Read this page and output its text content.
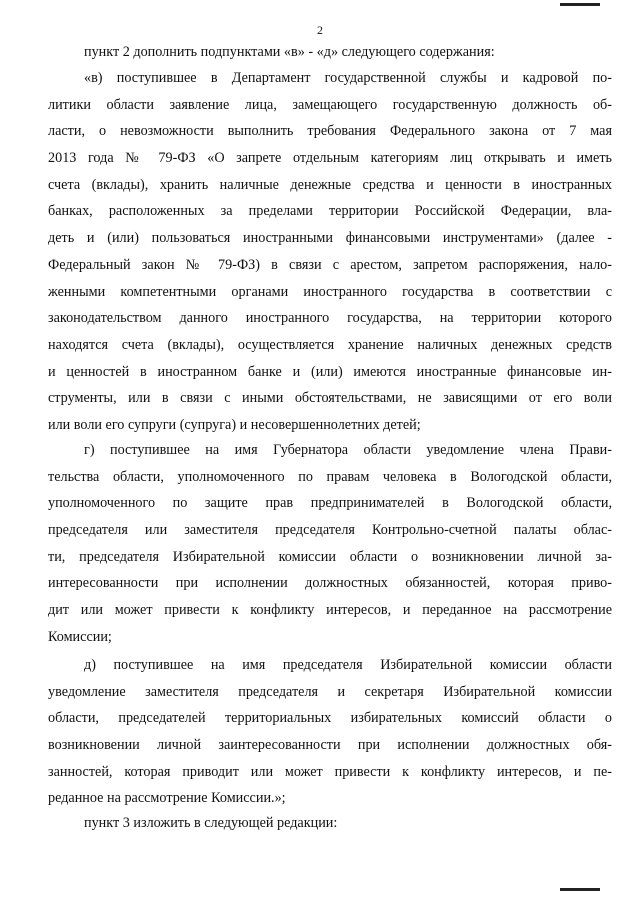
2
пункт 2 дополнить подпунктами «в» - «д» следующего содержания:
«в) поступившее в Департамент государственной службы и кадровой по-
литики области заявление лица, замещающего государственную должность об-
ласти, о невозможности выполнить требования Федерального закона от 7 мая
2013 года № 79-ФЗ «О запрете отдельным категориям лиц открывать и иметь
счета (вклады), хранить наличные денежные средства и ценности в иностранных
банках, расположенных за пределами территории Российской Федерации, вла-
деть и (или) пользоваться иностранными финансовыми инструментами» (далее -
Федеральный закон № 79-ФЗ) в связи с арестом, запретом распоряжения, нало-
женными компетентными органами иностранного государства в соответствии с
законодательством данного иностранного государства, на территории которого
находятся счета (вклады), осуществляется хранение наличных денежных средств
и ценностей в иностранном банке и (или) имеются иностранные финансовые ин-
струменты, или в связи с иными обстоятельствами, не зависящими от его воли
или воли его супруги (супруга) и несовершеннолетних детей;
г) поступившее на имя Губернатора области уведомление члена Прави-
тельства области, уполномоченного по правам человека в Вологодской области,
уполномоченного по защите прав предпринимателей в Вологодской области,
председателя или заместителя председателя Контрольно-счетной палаты облас-
ти, председателя Избирательной комиссии области о возникновении личной за-
интересованности при исполнении должностных обязанностей, которая приво-
дит или может привести к конфликту интересов, и переданное на рассмотрение
Комиссии;
д) поступившее на имя председателя Избирательной комиссии области
уведомление заместителя председателя и секретаря Избирательной комиссии
области, председателей территориальных избирательных комиссий области о
возникновении личной заинтересованности при исполнении должностных обя-
занностей, которая приводит или может привести к конфликту интересов, и пе-
реданное на рассмотрение Комиссии.»;
пункт 3 изложить в следующей редакции:
